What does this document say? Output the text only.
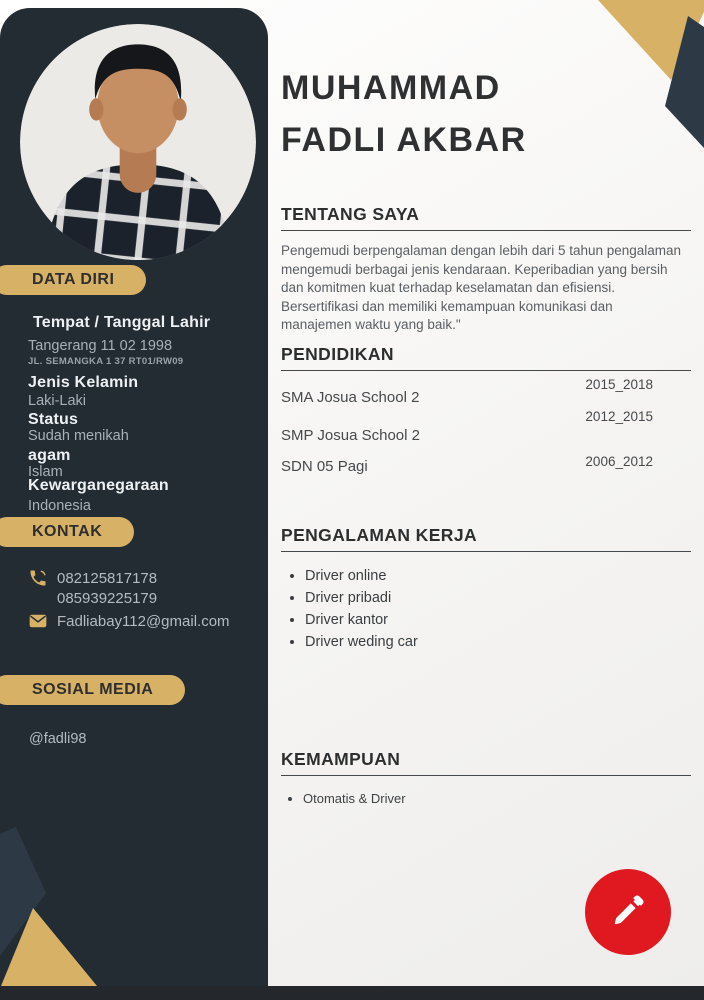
DATA DIRI
Tempat / Tanggal Lahir
Tangerang 11 02 1998
JL. SEMANGKA 1 37 RT01/RW09
Jenis Kelamin
Laki-Laki
Status
Sudah menikah
agam
Islam
Kewarganegaraan
Indonesia
KONTAK
082125817178
085939225179
Fadliabay112@gmail.com
SOSIAL MEDIA
@fadli98
MUHAMMAD
FADLI AKBAR
TENTANG SAYA
Pengemudi berpengalaman dengan lebih dari 5 tahun pengalaman mengemudi berbagai jenis kendaraan. Keperibadian yang bersih dan komitmen kuat terhadap keselamatan dan efisiensi. Bersertifikasi dan memiliki kemampuan komunikasi dan manajemen waktu yang baik."
PENDIDIKAN
2015_2018
SMA Josua School 2
2012_2015
SMP Josua School 2
2006_2012
SDN 05 Pagi
PENGALAMAN KERJA
• Driver online
• Driver pribadi
• Driver kantor
• Driver weding car
KEMAMPUAN
• Otomatis & Driver
